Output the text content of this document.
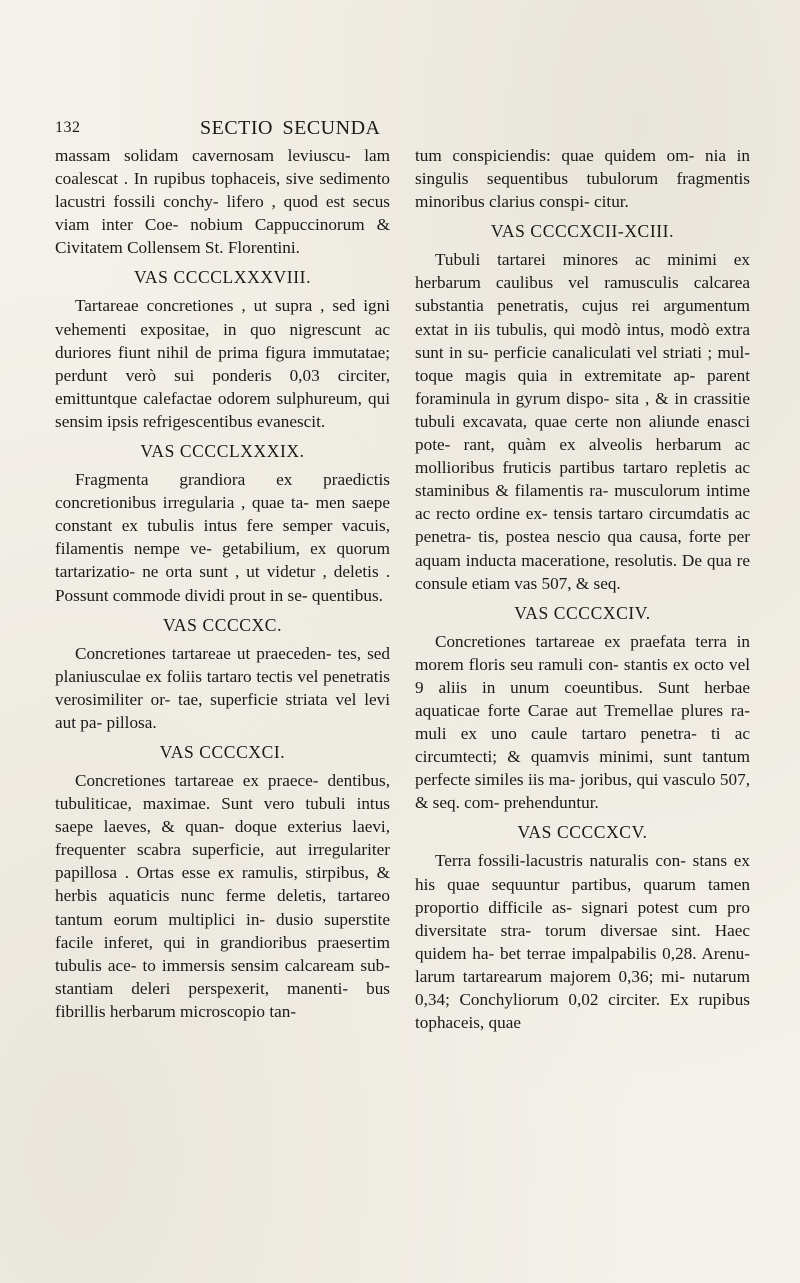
132	SECTIO SECUNDA

massam solidam cavernosam leviuscu- lam coalescat . In rupibus tophaceis, sive sedimento lacustri fossili conchy- lifero , quod est secus viam inter Coe- nobium Cappuccinorum & Civitatem Collensem St. Florentini.

VAS CCCCLXXXVIII.

Tartareae concretiones , ut supra , sed igni vehementi expositae, in quo nigrescunt ac duriores fiunt nihil de prima figura immutatae; perdunt verò sui ponderis 0,03 circiter, emittuntque calefactae odorem sulphureum, qui sensim ipsis refrigescentibus evanescit.

VAS CCCCLXXXIX.

Fragmenta grandiora ex praedictis concretionibus irregularia , quae ta- men saepe constant ex tubulis intus fere semper vacuis, filamentis nempe ve- getabilium, ex quorum tartarizatio- ne orta sunt , ut videtur , deletis . Possunt commode dividi prout in se- quentibus.

VAS CCCCXC.

Concretiones tartareae ut praeceden- tes, sed planiusculae ex foliis tartaro tectis vel penetratis verosimiliter or- tae, superficie striata vel levi aut pa- pillosa.

VAS CCCCXCI.

Concretiones tartareae ex praece- dentibus, tubuliticae, maximae. Sunt vero tubuli intus saepe laeves, & quan- doque exterius laevi, frequenter scabra superficie, aut irregulariter papillosa . Ortas esse ex ramulis, stirpibus, & herbis aquaticis nunc ferme deletis, tartareo tantum eorum multiplici in- dusio superstite facile inferet, qui in grandioribus praesertim tubulis ace- to immersis sensim calcaream sub- stantiam deleri perspexerit, manenti- bus fibrillis herbarum microscopio tan-

tum conspiciendis: quae quidem om- nia in singulis sequentibus tubulorum fragmentis minoribus clarius conspi- citur.

VAS CCCCXCII-XCIII.

Tubuli tartarei minores ac minimi ex herbarum caulibus vel ramusculis calcarea substantia penetratis, cujus rei argumentum extat in iis tubulis, qui modò intus, modò extra sunt in su- perficie canaliculati vel striati ; mul- toque magis quia in extremitate ap- parent foraminula in gyrum dispo- sita , & in crassitie tubuli excavata, quae certe non aliunde enasci pote- rant, quàm ex alveolis herbarum ac mollioribus fruticis partibus tartaro repletis ac staminibus & filamentis ra- musculorum intime ac recto ordine ex- tensis tartaro circumdatis ac penetra- tis, postea nescio qua causa, forte per aquam inducta maceratione, resolutis. De qua re consule etiam vas 507, & seq.

VAS CCCCXCIV.

Concretiones tartareae ex praefata terra in morem floris seu ramuli con- stantis ex octo vel 9 aliis in unum coeuntibus. Sunt herbae aquaticae forte Carae aut Tremellae plures ra- muli ex uno caule tartaro penetra- ti ac circumtecti; & quamvis minimi, sunt tantum perfecte similes iis ma- joribus, qui vasculo 507, & seq. com- prehenduntur.

VAS CCCCXCV.

Terra fossili-lacustris naturalis con- stans ex his quae sequuntur partibus, quarum tamen proportio difficile as- signari potest cum pro diversitate stra- torum diversae sint. Haec quidem ha- bet terrae impalpabilis 0,28. Arenu- larum tartarearum majorem 0,36; mi- nutarum 0,34; Conchyliorum 0,02 circiter. Ex rupibus tophaceis, quae
